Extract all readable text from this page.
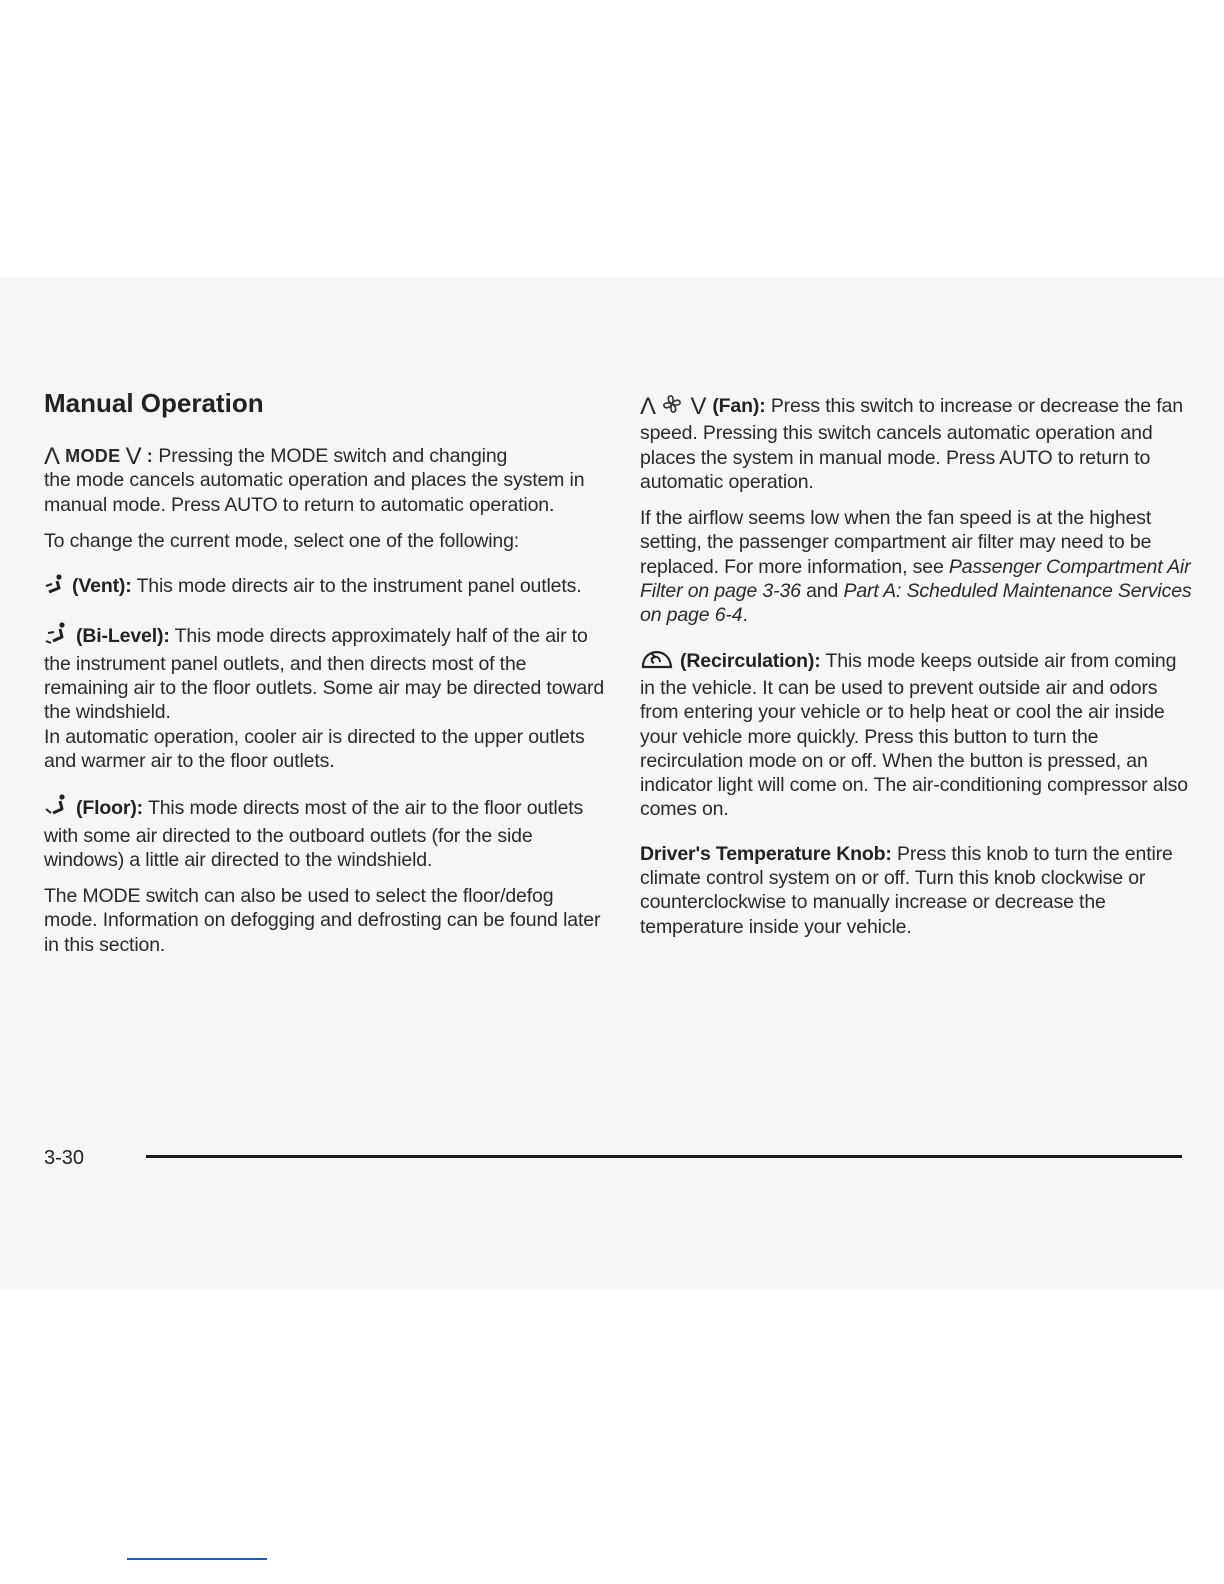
Manual Operation

Λ MODE V : Pressing the MODE switch and changing
the mode cancels automatic operation and places the system in manual mode. Press AUTO to return to automatic operation.

To change the current mode, select one of the following:

(Vent): This mode directs air to the instrument panel outlets.

(Bi-Level): This mode directs approximately half of the air to the instrument panel outlets, and then directs most of the remaining air to the floor outlets. Some air may be directed toward the windshield.

In automatic operation, cooler air is directed to the upper outlets and warmer air to the floor outlets.

(Floor): This mode directs most of the air to the floor outlets with some air directed to the outboard outlets (for the side windows) a little air directed to the windshield.

The MODE switch can also be used to select the floor/defog mode. Information on defogging and defrosting can be found later in this section.

Λ V (Fan): Press this switch to increase or decrease the fan speed. Pressing this switch cancels automatic operation and places the system in manual mode. Press AUTO to return to automatic operation.

If the airflow seems low when the fan speed is at the highest setting, the passenger compartment air filter may need to be replaced. For more information, see Passenger Compartment Air Filter on page 3-36 and Part A: Scheduled Maintenance Services on page 6-4.

(Recirculation): This mode keeps outside air from coming in the vehicle. It can be used to prevent outside air and odors from entering your vehicle or to help heat or cool the air inside your vehicle more quickly. Press this button to turn the recirculation mode on or off. When the button is pressed, an indicator light will come on. The air-conditioning compressor also comes on.

Driver's Temperature Knob: Press this knob to turn the entire climate control system on or off. Turn this knob clockwise or counterclockwise to manually increase or decrease the temperature inside your vehicle.

3-30
